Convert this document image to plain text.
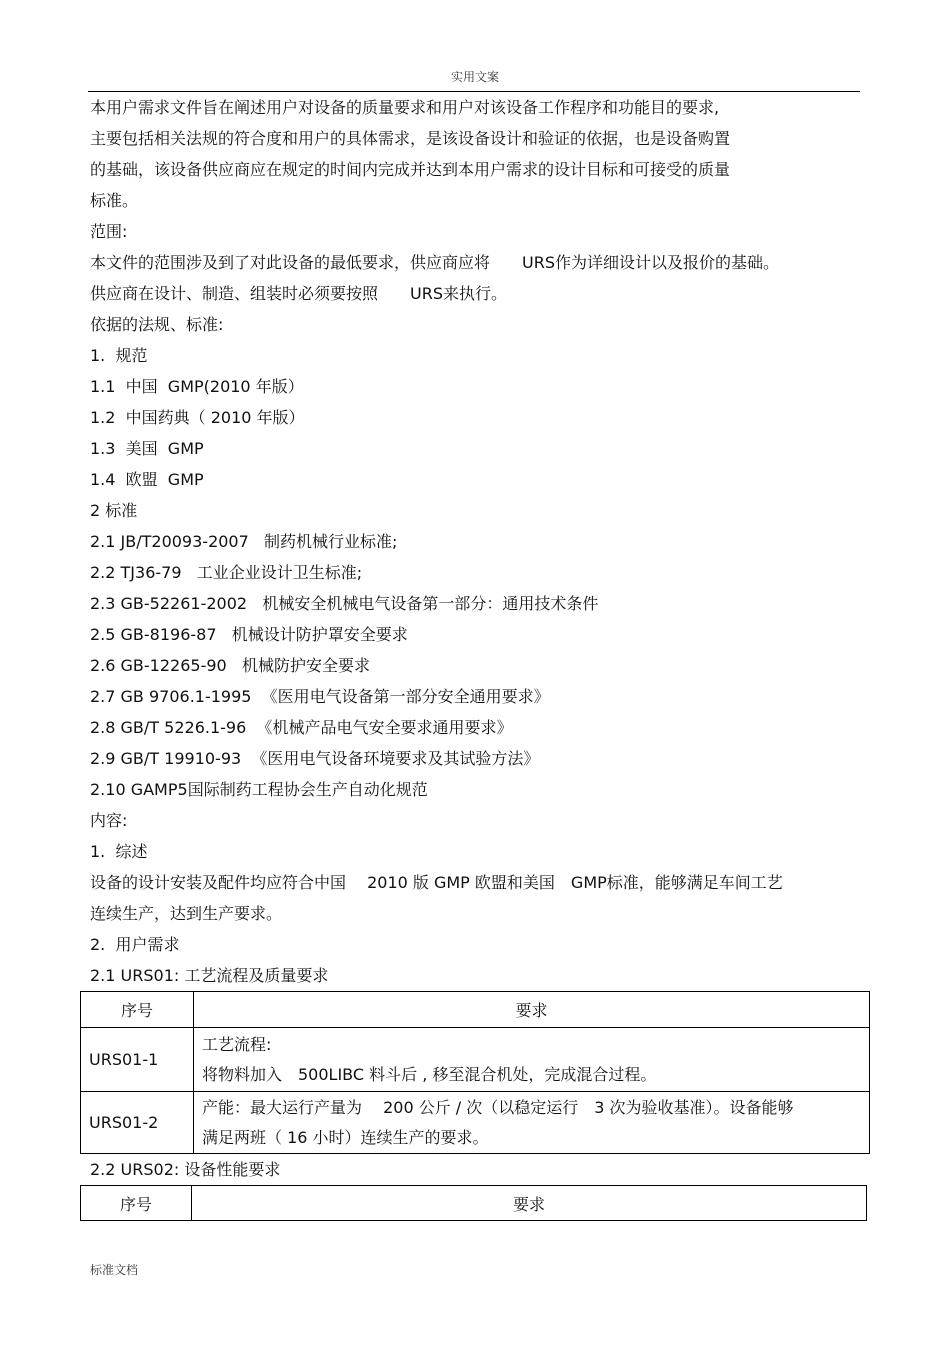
实用文案

本用户需求文件旨在阐述用户对设备的质量要求和用户对该设备工作程序和功能目的要求,

主要包括相关法规的符合度和用户的具体需求，是该设备设计和验证的依据，也是设备购置

的基础，该设备供应商应在规定的时间内完成并达到本用户需求的设计目标和可接受的质量

标准。

范围:

本文件的范围涉及到了对此设备的最低要求，供应商应将　　URS作为详细设计以及报价的基础。

供应商在设计、制造、组装时必须要按照　　URS来执行。

依据的法规、标准:

1.  规范

1.1  中国  GMP(2010 年版）

1.2  中国药典（ 2010 年版）

1.3  美国  GMP

1.4  欧盟  GMP

2 标准

2.1 JB/T20093-2007   制药机械行业标准;

2.2 TJ36-79   工业企业设计卫生标准;

2.3 GB-52261-2002   机械安全机械电气设备第一部分：通用技术条件

2.5 GB-8196-87   机械设计防护罩安全要求

2.6 GB-12265-90   机械防护安全要求

2.7 GB 9706.1-1995  《医用电气设备第一部分安全通用要求》

2.8 GB/T 5226.1-96  《机械产品电气安全要求通用要求》

2.9 GB/T 19910-93  《医用电气设备环境要求及其试验方法》

2.10 GAMP5国际制药工程协会生产自动化规范

内容:

1.  综述

设备的设计安装及配件均应符合中国　 2010 版 GMP 欧盟和美国　GMP标准，能够满足车间工艺

连续生产，达到生产要求。

2.  用户需求

2.1 URS01: 工艺流程及质量要求

序号	要求
URS01-1	工艺流程:
将物料加入　500LIBC 料斗后 , 移至混合机处，完成混合过程。

URS01-2	产能：最大运行产量为　 200 公斤 / 次（以稳定运行　3 次为验收基准）。设备能够
满足两班（ 16 小时）连续生产的要求。

2.2 URS02: 设备性能要求

序号	要求
标准文档
